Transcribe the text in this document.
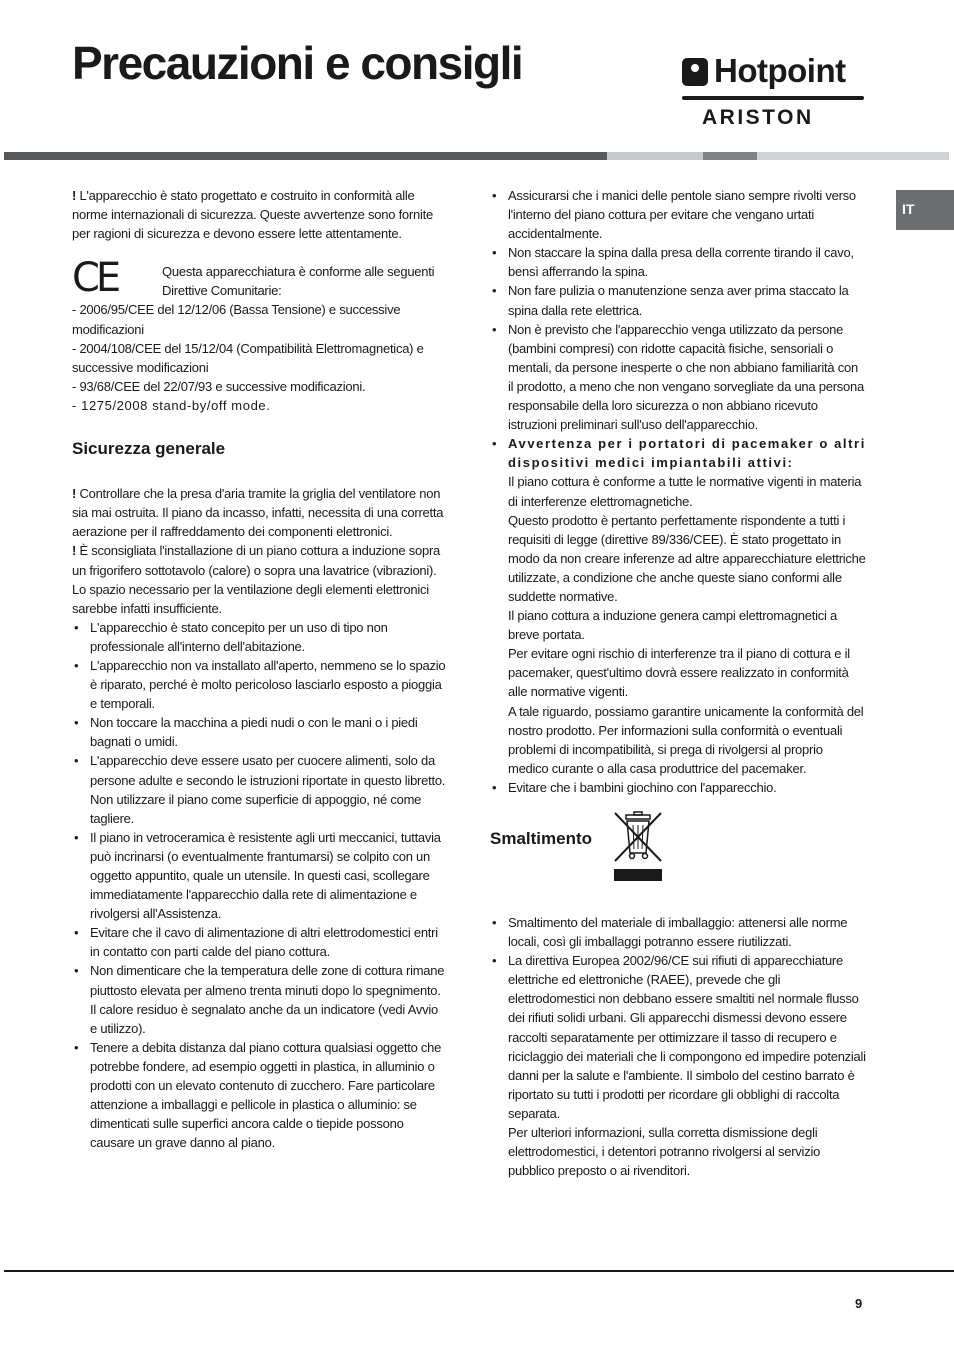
Precauzioni e consigli	Hotpoint
ARISTON
IT

! L'apparecchio è stato progettato e costruito in conformità alle norme internazionali di sicurezza. Queste avvertenze sono fornite per ragioni di sicurezza e devono essere lette attentamente.

CE	Questa apparecchiatura è conforme alle seguenti Direttive Comunitarie:

- 2006/95/CEE del 12/12/06 (Bassa Tensione) e successive modificazioni

- 2004/108/CEE del 15/12/04 (Compatibilità Elettromagnetica) e successive modificazioni

- 93/68/CEE del 22/07/93 e successive modificazioni.

- 1275/2008 stand-by/off mode.

Sicurezza generale

! Controllare che la presa d'aria tramite la griglia del ventilatore non sia mai ostruita. Il piano da incasso, infatti, necessita di una corretta aerazione per il raffreddamento dei componenti elettronici.

! È sconsigliata l'installazione di un piano cottura a induzione sopra un frigorifero sottotavolo (calore) o sopra una lavatrice (vibrazioni). Lo spazio necessario per la ventilazione degli elementi elettronici sarebbe infatti insufficiente.

• L'apparecchio è stato concepito per un uso di tipo non professionale all'interno dell'abitazione.
• L'apparecchio non va installato all'aperto, nemmeno se lo spazio è riparato, perché è molto pericoloso lasciarlo esposto a pioggia e temporali.
• Non toccare la macchina a piedi nudi o con le mani o i piedi bagnati o umidi.
• L'apparecchio deve essere usato per cuocere alimenti, solo da persone adulte e secondo le istruzioni riportate in questo libretto. Non utilizzare il piano come superficie di appoggio, né come tagliere.
• Il piano in vetroceramica è resistente agli urti meccanici, tuttavia può incrinarsi (o eventualmente frantumarsi) se colpito con un oggetto appuntito, quale un utensile. In questi casi, scollegare immediatamente l'apparecchio dalla rete di alimentazione e rivolgersi all'Assistenza.
• Evitare che il cavo di alimentazione di altri elettrodomestici entri in contatto con parti calde del piano cottura.
• Non dimenticare che la temperatura delle zone di cottura rimane piuttosto elevata per almeno trenta minuti dopo lo spegnimento. Il calore residuo è segnalato anche da un indicatore (vedi Avvio e utilizzo).
• Tenere a debita distanza dal piano cottura qualsiasi oggetto che potrebbe fondere, ad esempio oggetti in plastica, in alluminio o prodotti con un elevato contenuto di zucchero. Fare particolare attenzione a imballaggi e pellicole in plastica o alluminio: se dimenticati sulle superfici ancora calde o tiepide possono causare un grave danno al piano.
• Assicurarsi che i manici delle pentole siano sempre rivolti verso l'interno del piano cottura per evitare che vengano urtati accidentalmente.
• Non staccare la spina dalla presa della corrente tirando il cavo, bensì afferrando la spina.
• Non fare pulizia o manutenzione senza aver prima staccato la spina dalla rete elettrica.
• Non è previsto che l'apparecchio venga utilizzato da persone (bambini compresi) con ridotte capacità fisiche, sensoriali o mentali, da persone inesperte o che non abbiano familiarità con il prodotto, a meno che non vengano sorvegliate da una persona responsabile della loro sicurezza o non abbiano ricevuto istruzioni preliminari sull'uso dell'apparecchio.

• Avvertenza per i portatori di pacemaker o altri dispositivi medici impiantabili attivi:

Il piano cottura è conforme a tutte le normative vigenti in materia di interferenze elettromagnetiche.

Questo prodotto è pertanto perfettamente rispondente a tutti i requisiti di legge (direttive 89/336/CEE). È stato progettato in modo da non creare inferenze ad altre apparecchiature elettriche utilizzate, a condizione che anche queste siano conformi alle suddette normative.

Il piano cottura a induzione genera campi elettromagnetici a breve portata.

Per evitare ogni rischio di interferenze tra il piano di cottura e il pacemaker, quest'ultimo dovrà essere realizzato in conformità alle normative vigenti.

A tale riguardo, possiamo garantire unicamente la conformità del nostro prodotto. Per informazioni sulla conformità o eventuali problemi di incompatibilità, si prega di rivolgersi al proprio medico curante o alla casa produttrice del pacemaker.

• Evitare che i bambini giochino con l'apparecchio.
Smaltimento
• Smaltimento del materiale di imballaggio: attenersi alle norme locali, così gli imballaggi potranno essere riutilizzati.

• La direttiva Europea 2002/96/CE sui rifiuti di apparecchiature elettriche ed elettroniche (RAEE), prevede che gli elettrodomestici non debbano essere smaltiti nel normale flusso dei rifiuti solidi urbani. Gli apparecchi dismessi devono essere raccolti separatamente per ottimizzare il tasso di recupero e riciclaggio dei materiali che li compongono ed impedire potenziali danni per la salute e l'ambiente. Il simbolo del cestino barrato è riportato su tutti i prodotti per ricordare gli obblighi di raccolta separata.

Per ulteriori informazioni, sulla corretta dismissione degli elettrodomestici, i detentori potranno rivolgersi al servizio pubblico preposto o ai rivenditori.

9
